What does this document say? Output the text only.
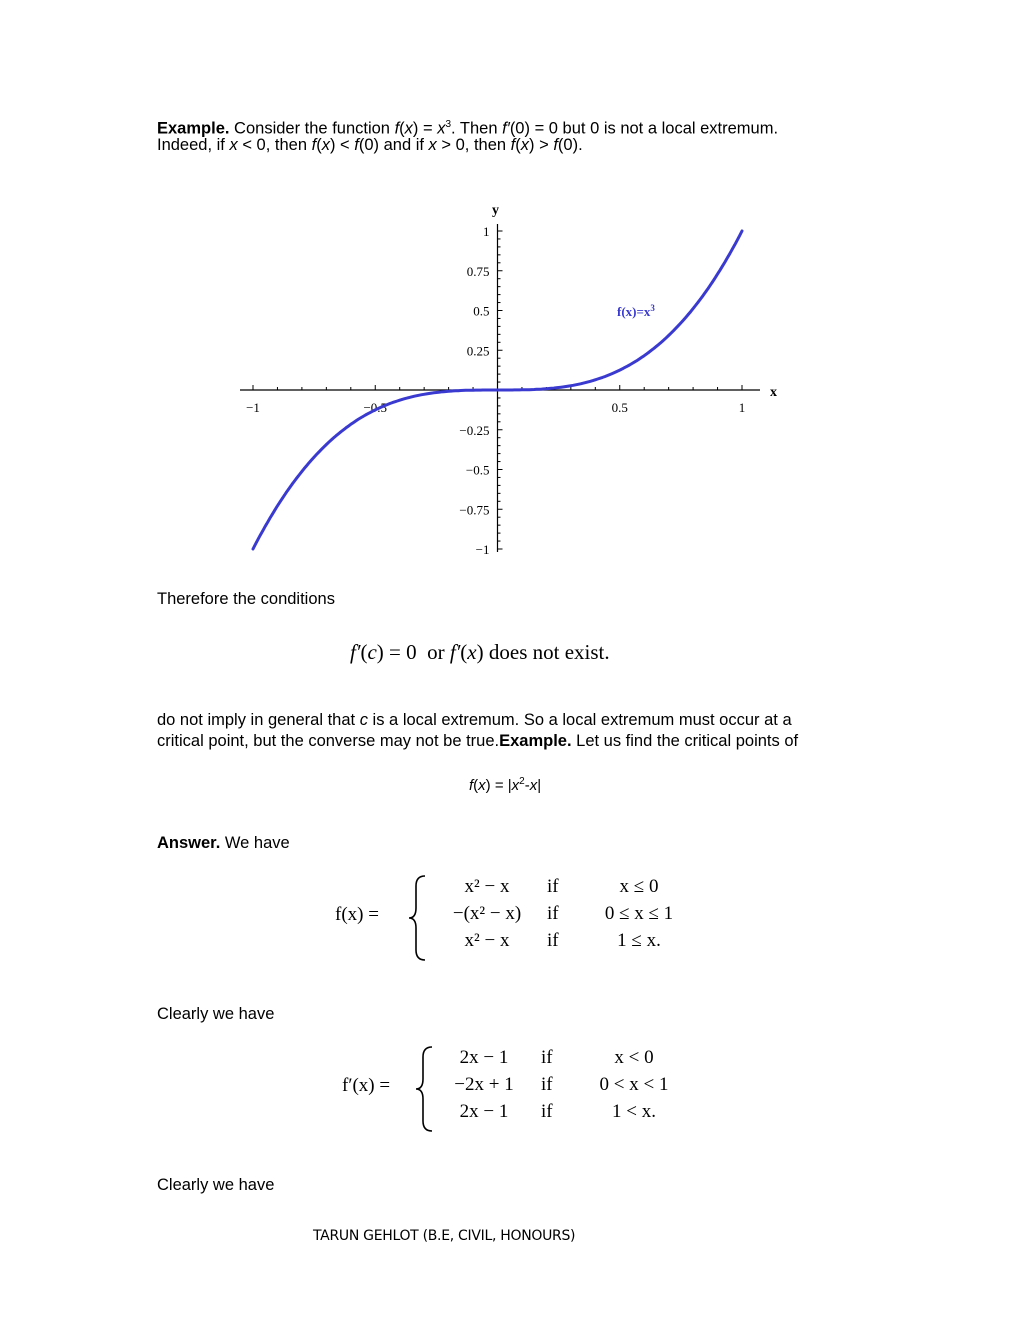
Example. Consider the function $f(x) = x^3$. Then f′(0) = 0 but 0 is not a local extremum.
Indeed, if x < 0, then f(x) < f(0) and if x > 0, then f(x) > f(0).
−1	−0.5	0.5	1
1
0.75
0.5
0.25
−0.25
−0.5
−0.75
−1
x
y
$f(x)=x^3$
Therefore the conditions
f′(c) = 0 or f′(x) does not exist.
do not imply in general that c is a local extremum. So a local extremum must occur at a
critical point, but the converse may not be true.Example. Let us find the critical points of
$f(x) = |x^2-x|$
Answer. We have
f(x) =
x² − x	if	x ≤ 0
−(x² − x)	if	0 ≤ x ≤ 1
x² − x	if	1 ≤ x.
Clearly we have
f′(x) =
2x − 1	if	x < 0
−2x + 1	if	0 < x < 1
2x − 1	if	1 < x.
Clearly we have
TARUN GEHLOT (B.E, CIVIL, HONOURS)
